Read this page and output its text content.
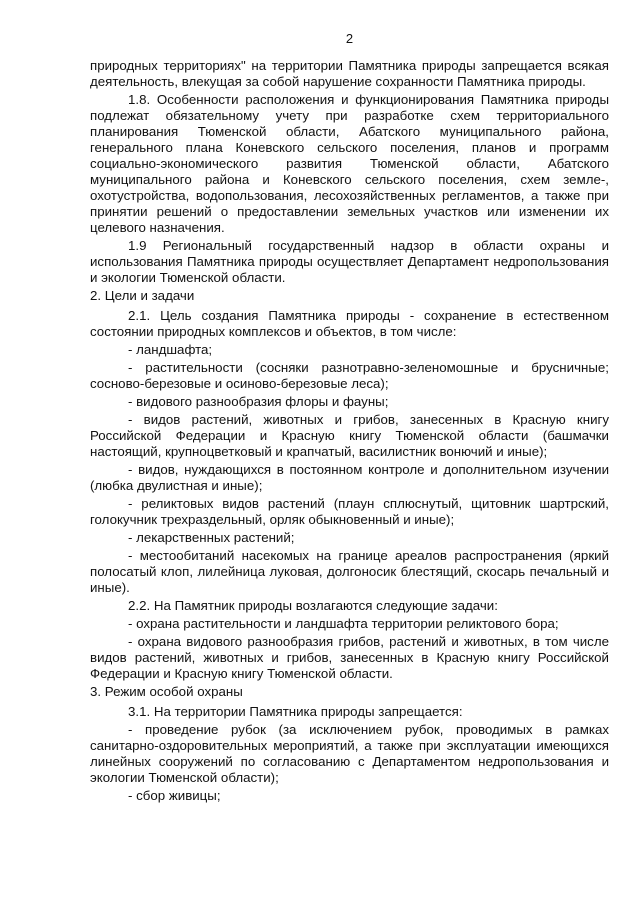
2

природных территориях" на территории Памятника природы запрещается всякая деятельность, влекущая за собой нарушение сохранности Памятника природы.

1.8. Особенности расположения и функционирования Памятника природы подлежат обязательному учету при разработке схем территориального планирования Тюменской области, Абатского муниципального района, генерального плана Коневского сельского поселения, планов и программ социально-экономического развития Тюменской области, Абатского муниципального района и Коневского сельского поселения, схем земле-, охотустройства, водопользования, лесохозяйственных регламентов, а также при принятии решений о предоставлении земельных участков или изменении их целевого назначения.

1.9 Региональный государственный надзор в области охраны и использования Памятника природы осуществляет Департамент недропользования и экологии Тюменской области.

2. Цели и задачи

2.1. Цель создания Памятника природы - сохранение в естественном состоянии природных комплексов и объектов, в том числе:

- ландшафта;

- растительности (сосняки разнотравно-зеленомошные и брусничные; сосново-березовые и осиново-березовые леса);

- видового разнообразия флоры и фауны;

- видов растений, животных и грибов, занесенных в Красную книгу Российской Федерации и Красную книгу Тюменской области (башмачки настоящий, крупноцветковый и крапчатый, василистник вонючий и иные);

- видов, нуждающихся в постоянном контроле и дополнительном изучении (любка двулистная и иные);

- реликтовых видов растений (плаун сплюснутый, щитовник шартрский, голокучник трехраздельный, орляк обыкновенный и иные);

- лекарственных растений;

- местообитаний насекомых на границе ареалов распространения (яркий полосатый клоп, лилейница луковая, долгоносик блестящий, скосарь печальный и иные).

2.2. На Памятник природы возлагаются следующие задачи:

- охрана растительности и ландшафта территории реликтового бора;

- охрана видового разнообразия грибов, растений и животных, в том числе видов растений, животных и грибов, занесенных в Красную книгу Российской Федерации и Красную книгу Тюменской области.

3. Режим особой охраны

3.1. На территории Памятника природы запрещается:

- проведение рубок (за исключением рубок, проводимых в рамках санитарно-оздоровительных мероприятий, а также при эксплуатации имеющихся линейных сооружений по согласованию с Департаментом недропользования и экологии Тюменской области);

- сбор живицы;
